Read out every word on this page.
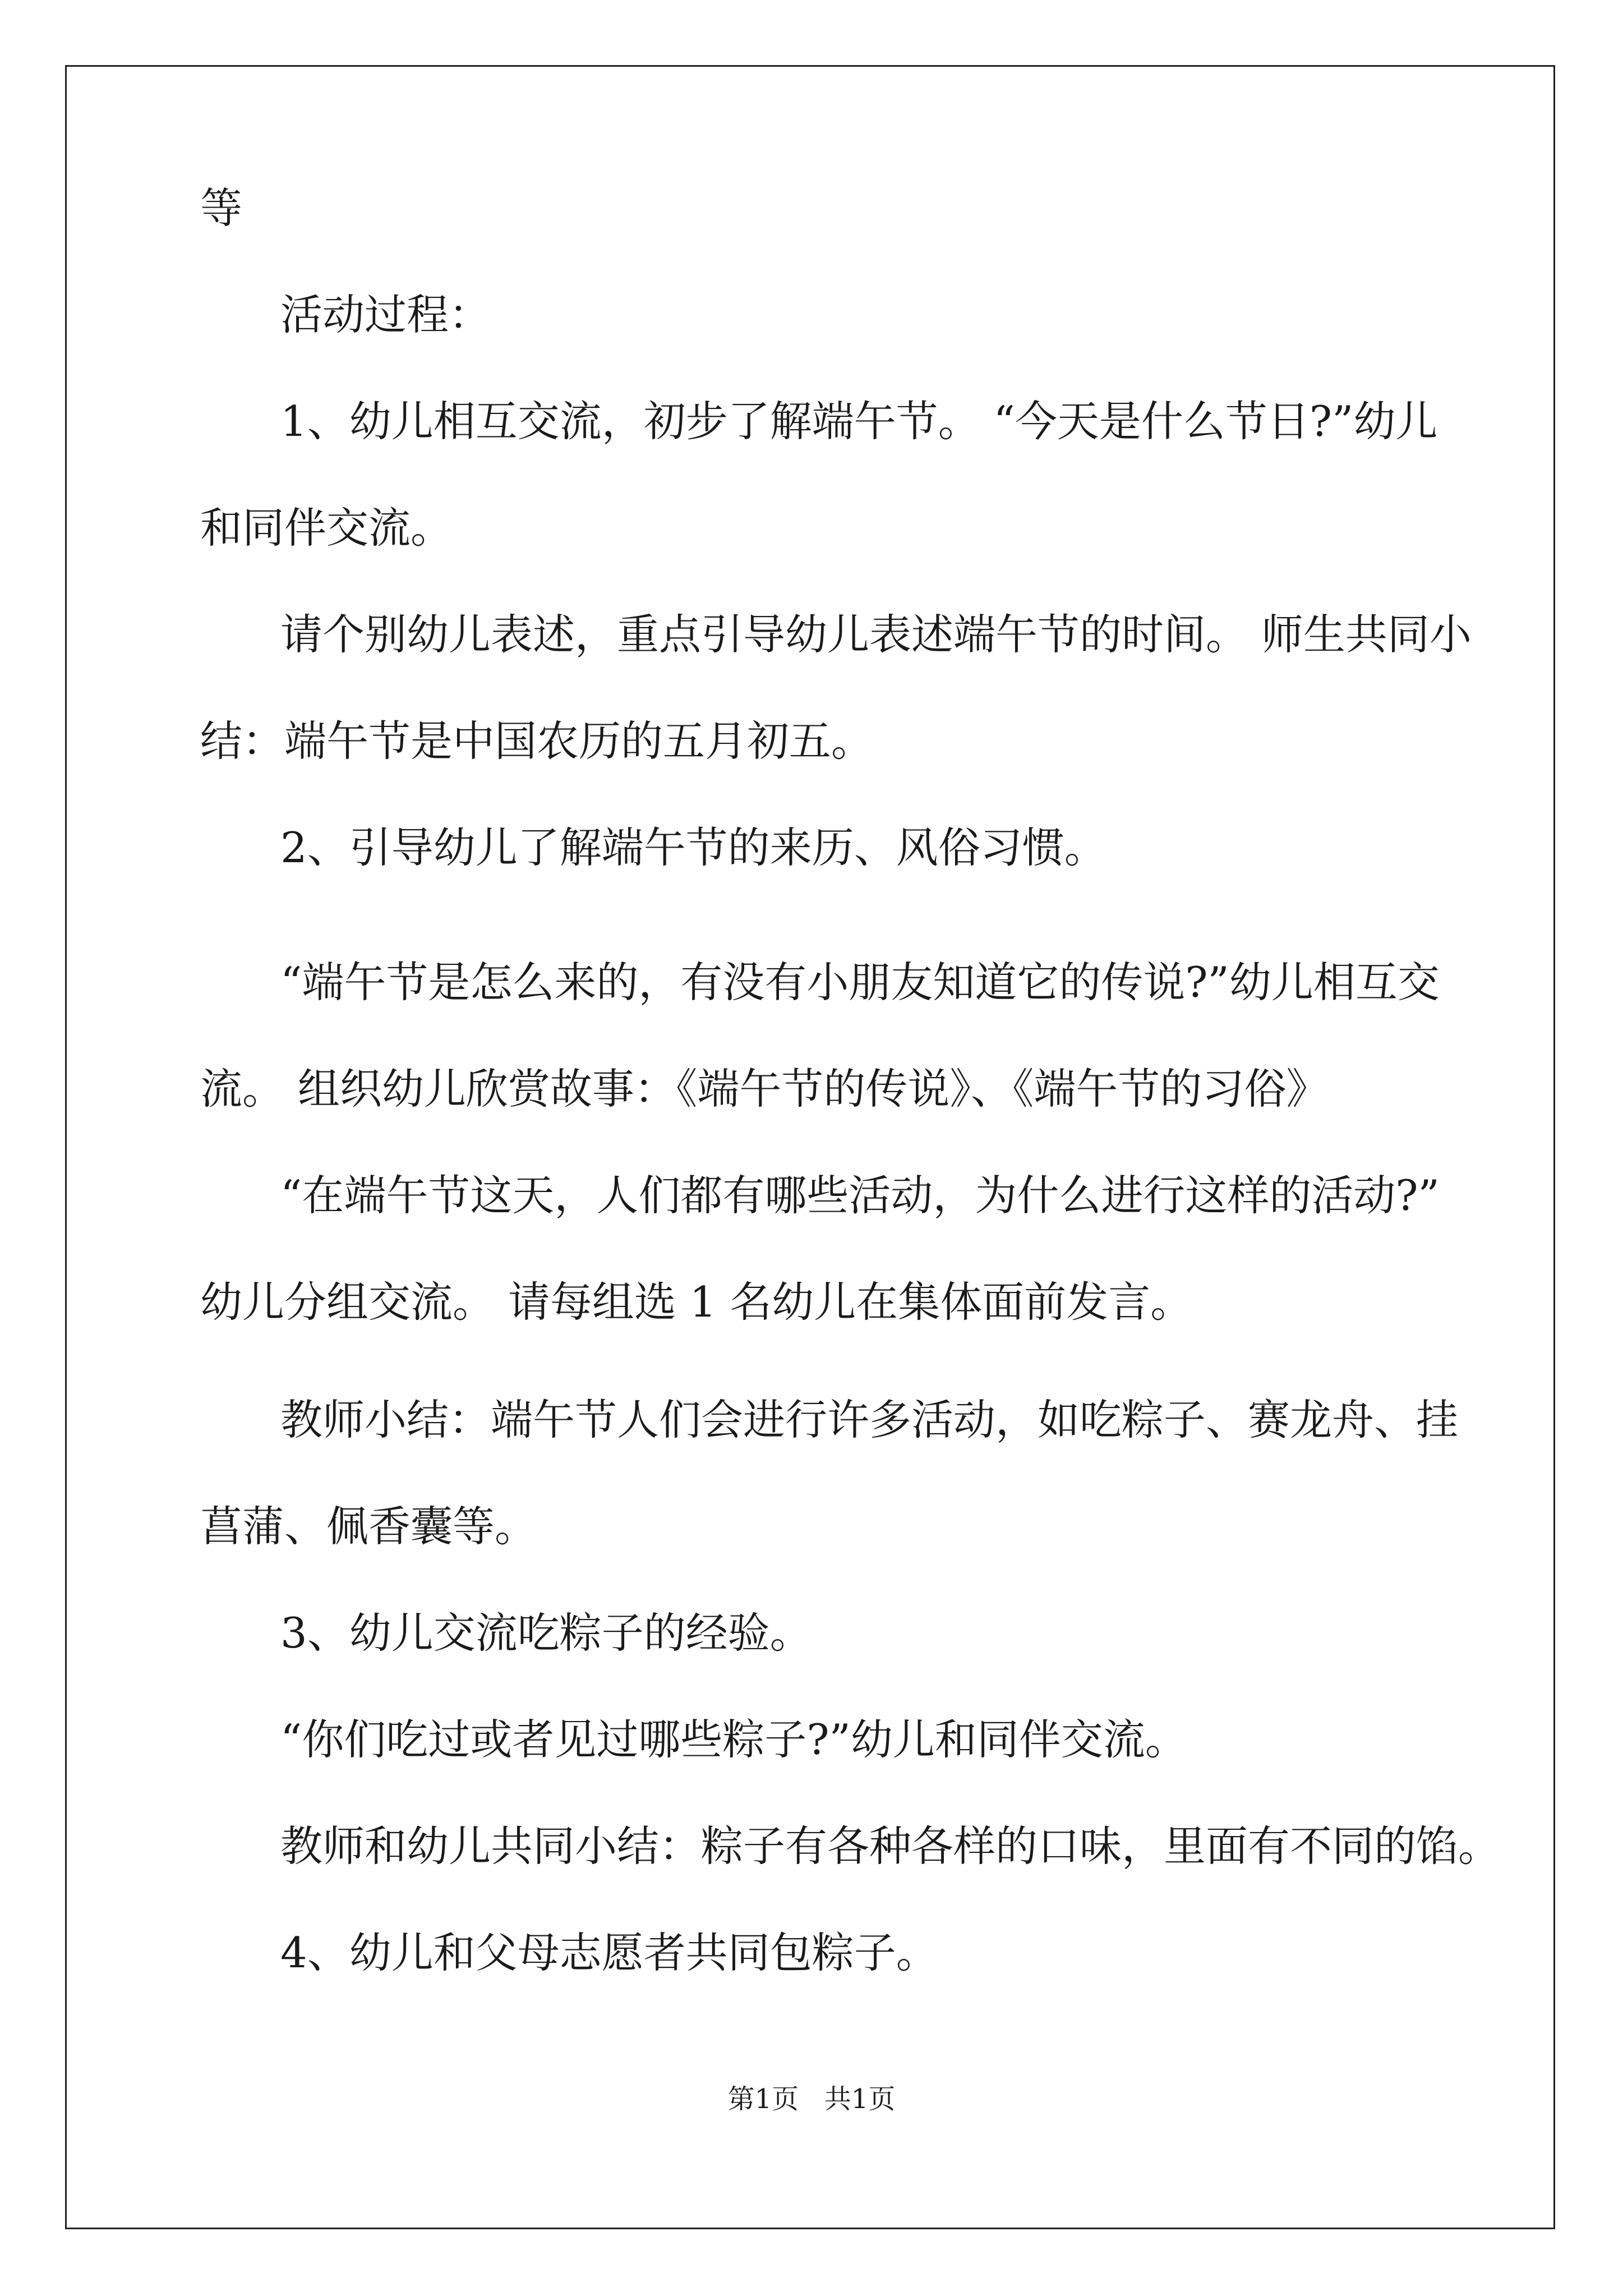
等
活动过程：
1、幼儿相互交流，初步了解端午节。 “今天是什么节日?”幼儿
和同伴交流。
请个别幼儿表述，重点引导幼儿表述端午节的时间。 师生共同小
结：端午节是中国农历的五月初五。
2、引导幼儿了解端午节的来历、风俗习惯。
“端午节是怎么来的，有没有小朋友知道它的传说?”幼儿相互交
流。 组织幼儿欣赏故事：《端午节的传说》、《端午节的习俗》
“在端午节这天，人们都有哪些活动，为什么进行这样的活动?”
幼儿分组交流。 请每组选 1 名幼儿在集体面前发言。
教师小结：端午节人们会进行许多活动，如吃粽子、赛龙舟、挂
菖蒲、佩香囊等。
3、幼儿交流吃粽子的经验。
“你们吃过或者见过哪些粽子?”幼儿和同伴交流。
教师和幼儿共同小结：粽子有各种各样的口味，里面有不同的馅。
4、幼儿和父母志愿者共同包粽子。
第1页   共1页
